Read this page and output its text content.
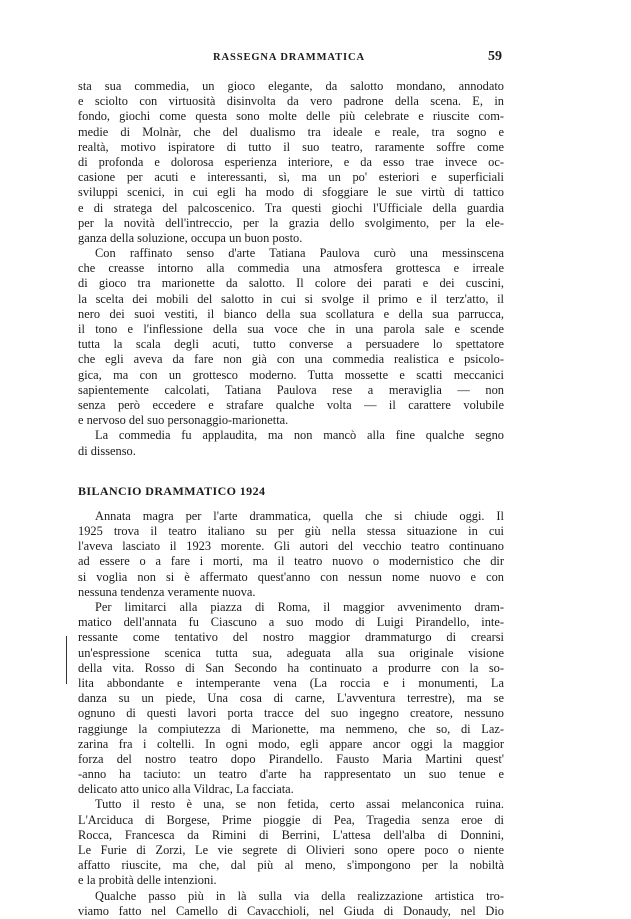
RASSEGNA DRAMMATICA	59
sta sua commedia, un gioco elegante, da salotto mondano, annodato
e sciolto con virtuosità disinvolta da vero padrone della scena. E, in
fondo, giochi come questa sono molte delle più celebrate e riuscite com-
medie di Molnàr, che del dualismo tra ideale e reale, tra sogno e
realtà, motivo ispiratore di tutto il suo teatro, raramente soffre come
di profonda e dolorosa esperienza interiore, e da esso trae invece oc-
casione per acuti e interessanti, sì, ma un po' esteriori e superficiali
sviluppi scenici, in cui egli ha modo di sfoggiare le sue virtù di tattico
e di stratega del palcoscenico. Tra questi giochi l'Ufficiale della guardia
per la novità dell'intreccio, per la grazia dello svolgimento, per la ele-
ganza della soluzione, occupa un buon posto.
Con raffinato senso d'arte Tatiana Paulova curò una messinscena
che creasse intorno alla commedia una atmosfera grottesca e irreale
di gioco tra marionette da salotto. Il colore dei parati e dei cuscini,
la scelta dei mobili del salotto in cui si svolge il primo e il terz'atto, il
nero dei suoi vestiti, il bianco della sua scollatura e della sua parrucca,
il tono e l'inflessione della sua voce che in una parola sale e scende
tutta la scala degli acuti, tutto converse a persuadere lo spettatore
che egli aveva da fare non già con una commedia realistica e psicolo-
gica, ma con un grottesco moderno. Tutta mossette e scatti meccanici
sapientemente calcolati, Tatiana Paulova rese a meraviglia — non
senza però eccedere e strafare qualche volta — il carattere volubile
e nervoso del suo personaggio-marionetta.
La commedia fu applaudita, ma non mancò alla fine qualche segno
di dissenso.
BILANCIO DRAMMATICO 1924
Annata magra per l'arte drammatica, quella che si chiude oggi. Il
1925 trova il teatro italiano su per giù nella stessa situazione in cui
l'aveva lasciato il 1923 morente. Gli autori del vecchio teatro continuano
ad essere o a fare i morti, ma il teatro nuovo o modernistico che dir
si voglia non si è affermato quest'anno con nessun nome nuovo e con
nessuna tendenza veramente nuova.
Per limitarci alla piazza di Roma, il maggior avvenimento dram-
matico dell'annata fu Ciascuno a suo modo di Luigi Pirandello, inte-
ressante come tentativo del nostro maggior drammaturgo di crearsi
un'espressione scenica tutta sua, adeguata alla sua originale visione
della vita. Rosso di San Secondo ha continuato a produrre con la so-
lita abbondante e intemperante vena (La roccia e i monumenti, La
danza su un piede, Una cosa di carne, L'avventura terrestre), ma se
ognuno di questi lavori porta tracce del suo ingegno creatore, nessuno
raggiunge la compiutezza di Marionette, ma nemmeno, che so, di Laz-
zarina fra i coltelli. In ogni modo, egli appare ancor oggi la maggior
forza del nostro teatro dopo Pirandello. Fausto Maria Martini quest'
-anno ha taciuto: un teatro d'arte ha rappresentato un suo tenue e
delicato atto unico alla Vildrac, La facciata.
Tutto il resto è una, se non fetida, certo assai melanconica ruina.
L'Arciduca di Borgese, Prime pioggie di Pea, Tragedia senza eroe di
Rocca, Francesca da Rimini di Berrini, L'attesa dell'alba di Donnini,
Le Furie di Zorzi, Le vie segrete di Olivieri sono opere poco o niente
affatto riuscite, ma che, dal più al meno, s'impongono per la nobiltà
e la probità delle intenzioni.
Qualche passo più in là sulla via della realizzazione artistica tro-
viamo fatto nel Camello di Cavacchioli, nel Giuda di Donaudy, nel Dio
